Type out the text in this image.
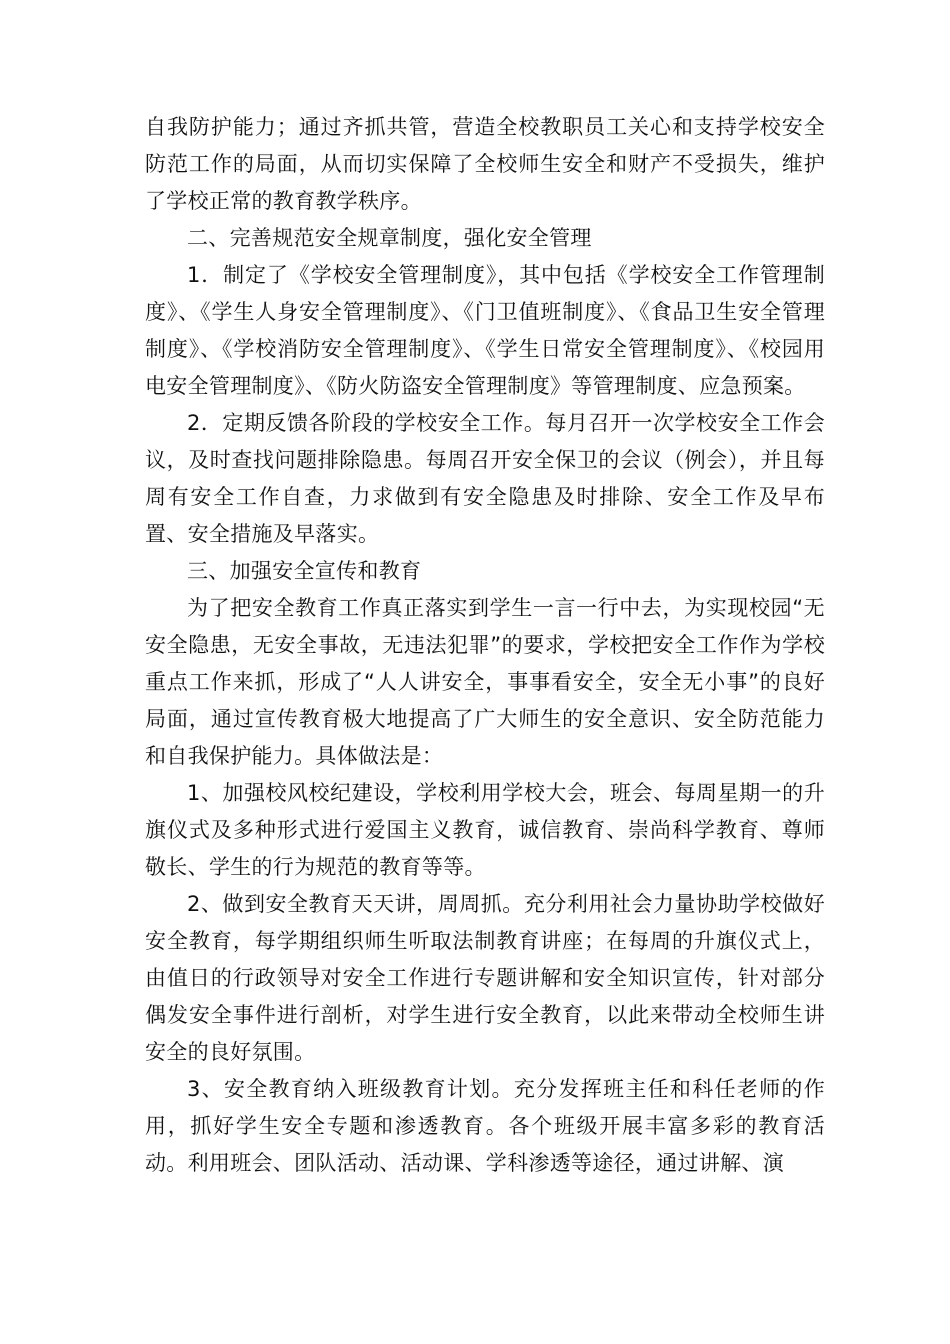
自我防护能力；通过齐抓共管，营造全校教职员工关心和支持学校安全防范工作的局面，从而切实保障了全校师生安全和财产不受损失，维护了学校正常的教育教学秩序。

二、完善规范安全规章制度，强化安全管理

1．制定了《学校安全管理制度》，其中包括《学校安全工作管理制度》、《学生人身安全管理制度》、《门卫值班制度》、《食品卫生安全管理制度》、《学校消防安全管理制度》、《学生日常安全管理制度》、《校园用电安全管理制度》、《防火防盗安全管理制度》等管理制度、应急预案。

2．定期反馈各阶段的学校安全工作。每月召开一次学校安全工作会议，及时查找问题排除隐患。每周召开安全保卫的会议（例会），并且每周有安全工作自查，力求做到有安全隐患及时排除、安全工作及早布置、安全措施及早落实。

三、加强安全宣传和教育

为了把安全教育工作真正落实到学生一言一行中去，为实现校园“无安全隐患，无安全事故，无违法犯罪”的要求，学校把安全工作作为学校重点工作来抓，形成了“人人讲安全，事事看安全，安全无小事”的良好局面，通过宣传教育极大地提高了广大师生的安全意识、安全防范能力和自我保护能力。具体做法是：

1、加强校风校纪建设，学校利用学校大会，班会、每周星期一的升旗仪式及多种形式进行爱国主义教育，诚信教育、崇尚科学教育、尊师敬长、学生的行为规范的教育等等。

2、做到安全教育天天讲，周周抓。充分利用社会力量协助学校做好安全教育，每学期组织师生听取法制教育讲座；在每周的升旗仪式上，由值日的行政领导对安全工作进行专题讲解和安全知识宣传，针对部分偶发安全事件进行剖析，对学生进行安全教育，以此来带动全校师生讲安全的良好氛围。

3、安全教育纳入班级教育计划。充分发挥班主任和科任老师的作用，抓好学生安全专题和渗透教育。各个班级开展丰富多彩的教育活动。利用班会、团队活动、活动课、学科渗透等途径，通过讲解、演
